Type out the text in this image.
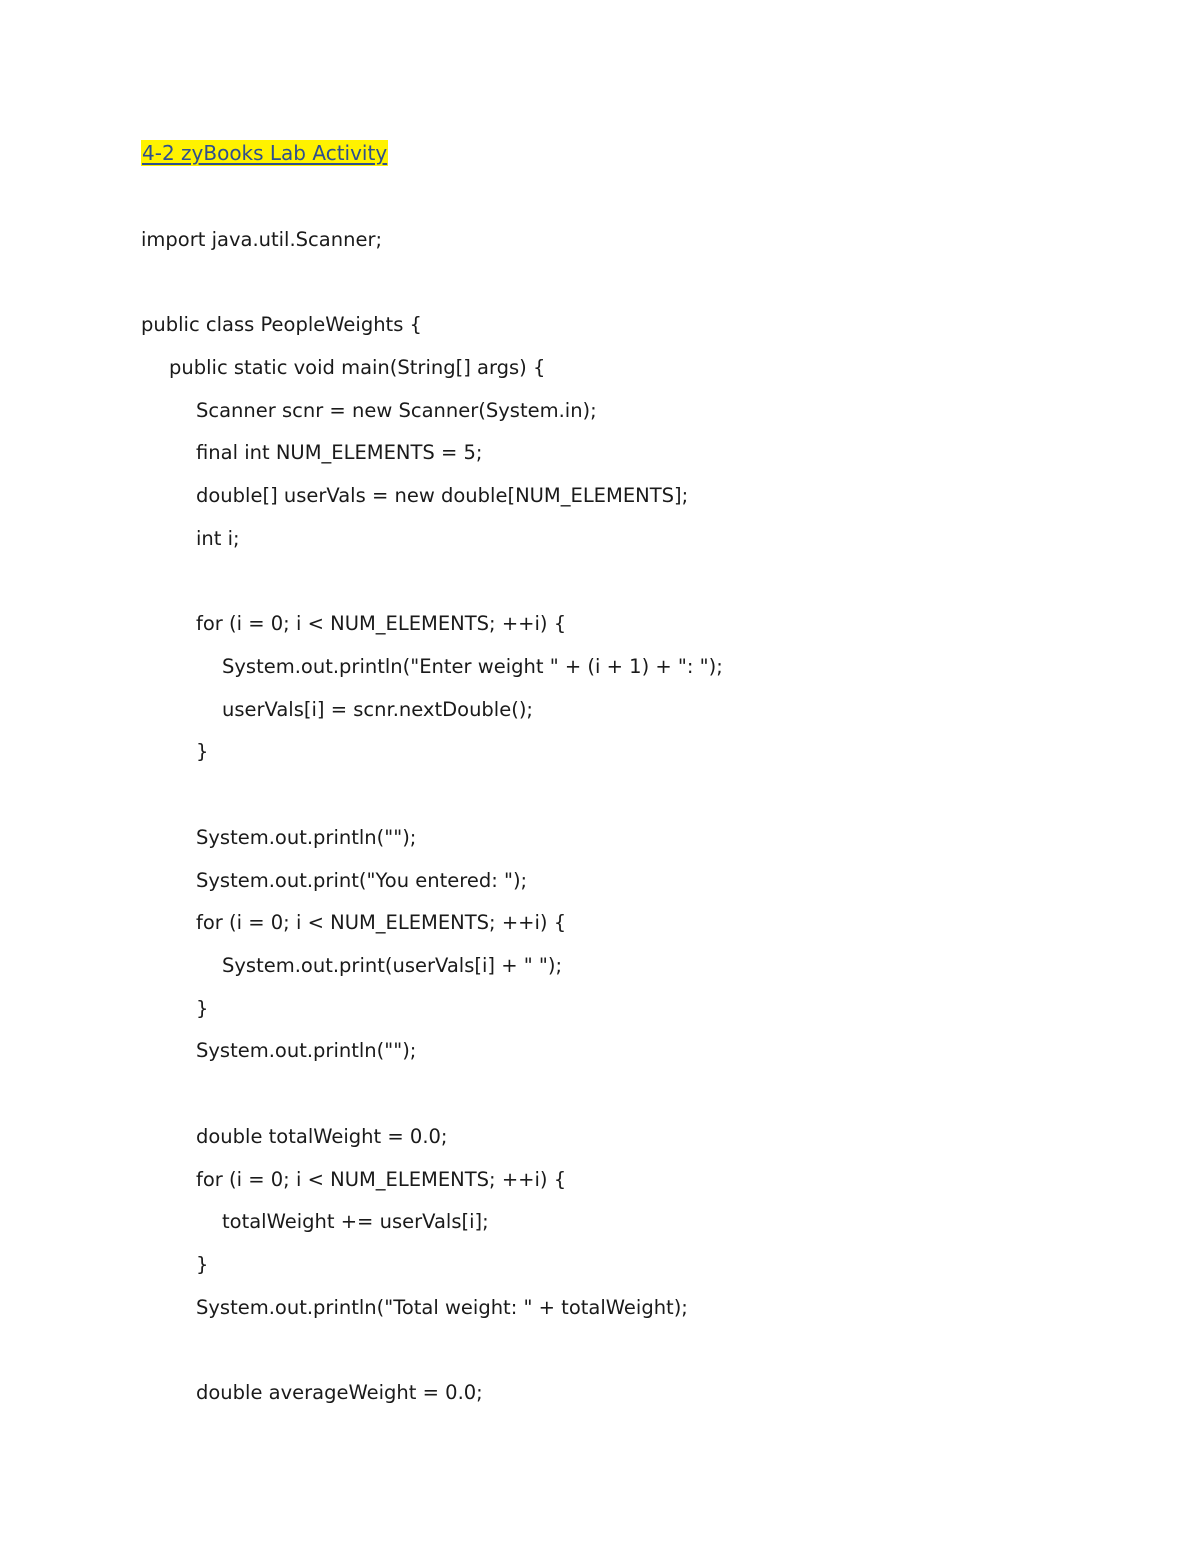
4-2 zyBooks Lab Activity
import java.util.Scanner;
public class PeopleWeights {
public static void main(String[] args) {
Scanner scnr = new Scanner(System.in);
final int NUM_ELEMENTS = 5;
double[] userVals = new double[NUM_ELEMENTS];
int i;
for (i = 0; i < NUM_ELEMENTS; ++i) {
System.out.println("Enter weight " + (i + 1) + ": ");
userVals[i] = scnr.nextDouble();
}
System.out.println("");
System.out.print("You entered: ");
for (i = 0; i < NUM_ELEMENTS; ++i) {
System.out.print(userVals[i] + " ");
}
System.out.println("");
double totalWeight = 0.0;
for (i = 0; i < NUM_ELEMENTS; ++i) {
totalWeight += userVals[i];
}
System.out.println("Total weight: " + totalWeight);
double averageWeight = 0.0;
